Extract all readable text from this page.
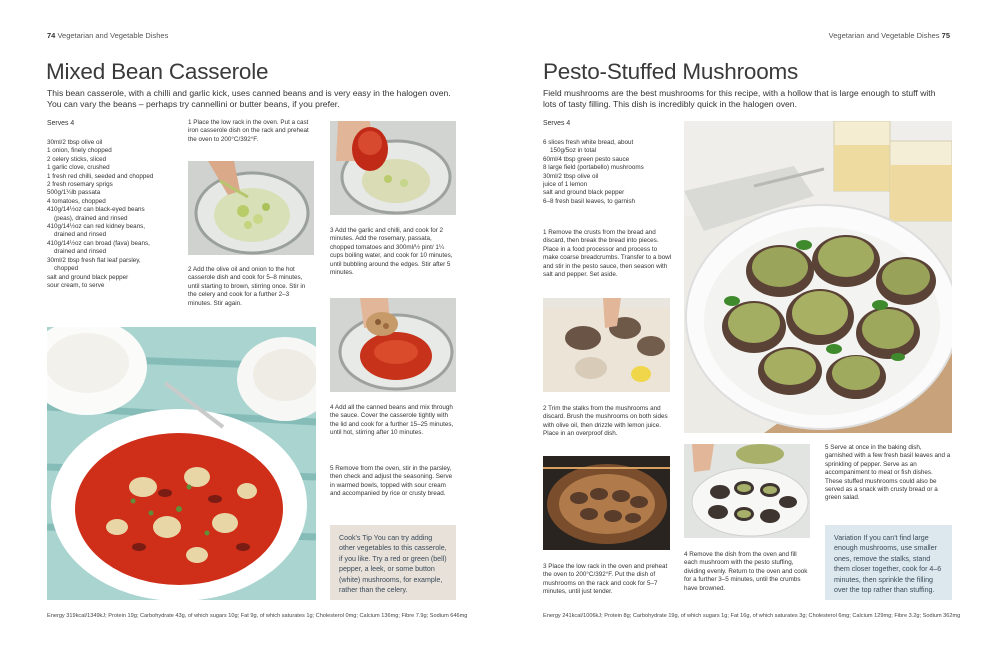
74 Vegetarian and Vegetable Dishes
Mixed Bean Casserole
This bean casserole, with a chilli and garlic kick, uses canned beans and is very easy in the halogen oven. You can vary the beans – perhaps try cannellini or butter beans, if you prefer.
Serves 4

30ml/2 tbsp olive oil

1 onion, finely chopped

2 celery sticks, sliced

1 garlic clove, crushed

1 fresh red chilli, seeded and chopped

2 fresh rosemary sprigs

500g/1¼lb passata

4 tomatoes, chopped

410g/14½oz can black-eyed beans

(peas), drained and rinsed

410g/14½oz can red kidney beans,

drained and rinsed

410g/14½oz can broad (fava) beans,

drained and rinsed

30ml/2 tbsp fresh flat leaf parsley,

chopped

salt and ground black pepper

sour cream, to serve

1 Place the low rack in the oven. Put a cast iron casserole dish on the rack and preheat the oven to 200°C/392°F.
2 Add the olive oil and onion to the hot casserole dish and cook for 5–8 minutes, until starting to brown, stirring once. Stir in the celery and cook for a further 2–3 minutes. Stir again.
3 Add the garlic and chilli, and cook for 2 minutes. Add the rosemary, passata, chopped tomatoes and 300ml/½ pint/ 1¼ cups boiling water, and cook for 10 minutes, until bubbling around the edges. Stir after 5 minutes.
4 Add all the canned beans and mix through the sauce. Cover the casserole tightly with the lid and cook for a further 15–25 minutes, until hot, stirring after 10 minutes.
5 Remove from the oven, stir in the parsley, then check and adjust the seasoning. Serve in warmed bowls, topped with sour cream and accompanied by rice or crusty bread.
Cook's Tip You can try adding other vegetables to this casserole, if you like. Try a red or green (bell) pepper, a leek, or some button (white) mushrooms, for example, rather than the celery.
Energy 319kcal/1349kJ; Protein 19g; Carbohydrate 43g, of which sugars 10g; Fat 9g, of which saturates 1g; Cholesterol 0mg; Calcium 136mg; Fibre 7.9g; Sodium 646mg
Vegetarian and Vegetable Dishes 75
Pesto-Stuffed Mushrooms
Field mushrooms are the best mushrooms for this recipe, with a hollow that is large enough to stuff with lots of tasty filling. This dish is incredibly quick in the halogen oven.
Serves 4

6 slices fresh white bread, about

150g/5oz in total

60ml/4 tbsp green pesto sauce

8 large field (portabello) mushrooms

30ml/2 tbsp olive oil

juice of 1 lemon

salt and ground black pepper

6–8 fresh basil leaves, to garnish

1 Remove the crusts from the bread and discard, then break the bread into pieces. Place in a food processor and process to make coarse breadcrumbs. Transfer to a bowl and stir in the pesto sauce, then season with salt and pepper. Set aside.
2 Trim the stalks from the mushrooms and discard. Brush the mushrooms on both sides with olive oil, then drizzle with lemon juice. Place in an overproof dish.
3 Place the low rack in the oven and preheat the oven to 200°C/392°F. Put the dish of mushrooms on the rack and cook for 5–7 minutes, until just tender.
4 Remove the dish from the oven and fill each mushroom with the pesto stuffing, dividing evenly. Return to the oven and cook for a further 3–5 minutes, until the crumbs have browned.
5 Serve at once in the baking dish, garnished with a few fresh basil leaves and a sprinkling of pepper. Serve as an accompaniment to meat or fish dishes. These stuffed mushrooms could also be served as a snack with crusty bread or a green salad.
Variation If you can't find large enough mushrooms, use smaller ones, remove the stalks, stand them closer together, cook for 4–6 minutes, then sprinkle the filling over the top rather than stuffing.
Energy 241kcal/1006kJ; Protein 8g; Carbohydrate 19g, of which sugars 1g; Fat 16g, of which saturates 3g; Cholesterol 6mg; Calcium 129mg; Fibre 3.2g; Sodium 362mg
